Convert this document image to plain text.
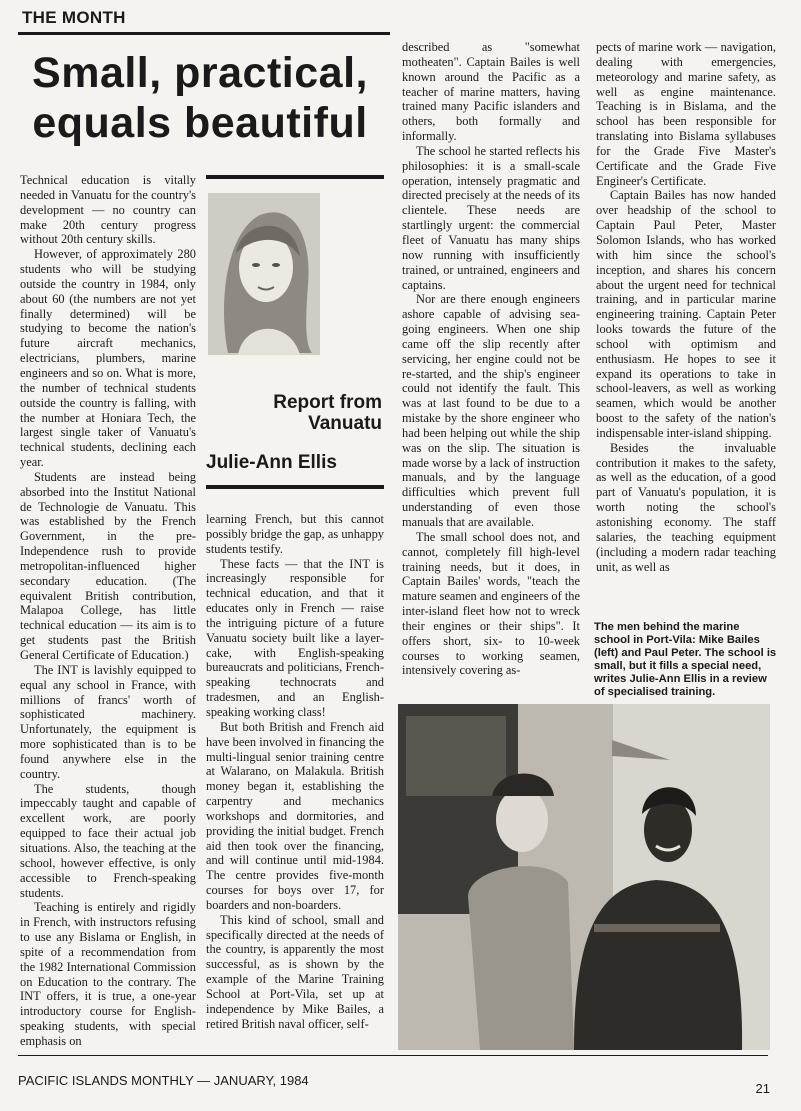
THE MONTH
Small, practical, equals beautiful

Technical education is vitally needed in Vanuatu for the country's development — no country can make 20th century progress without 20th century skills.

However, of approximately 280 students who will be studying outside the country in 1984, only about 60 (the numbers are not yet finally determined) will be studying to become the nation's future aircraft mechanics, electricians, plumbers, marine engineers and so on. What is more, the number of technical students outside the country is falling, with the number at Honiara Tech, the largest single taker of Vanuatu's technical students, declining each year.

Students are instead being absorbed into the Institut National de Technologie de Vanuatu. This was established by the French Government, in the pre-Independence rush to provide metropolitan-influenced higher secondary education. (The equivalent British contribution, Malapoa College, has little technical education — its aim is to get students past the British General Certificate of Education.)

The INT is lavishly equipped to equal any school in France, with millions of francs' worth of sophisticated machinery. Unfortunately, the equipment is more sophisticated than is to be found anywhere else in the country.

The students, though impeccably taught and capable of excellent work, are poorly equipped to face their actual job situations. Also, the teaching at the school, however effective, is only accessible to French-speaking students.

Teaching is entirely and rigidly in French, with instructors refusing to use any Bislama or English, in spite of a recommendation from the 1982 International Commission on Education to the contrary. The INT offers, it is true, a one-year introductory course for English-speaking students, with special emphasis on

Report from Vanuatu
Julie-Ann Ellis

learning French, but this cannot possibly bridge the gap, as unhappy students testify.

These facts — that the INT is increasingly responsible for technical education, and that it educates only in French — raise the intriguing picture of a future Vanuatu society built like a layer-cake, with English-speaking bureaucrats and politicians, French-speaking technocrats and tradesmen, and an English-speaking working class!

But both British and French aid have been involved in financing the multi-lingual senior training centre at Walarano, on Malakula. British money began it, establishing the carpentry and mechanics workshops and dormitories, and providing the initial budget. French aid then took over the financing, and will continue until mid-1984. The centre provides five-month courses for boys over 17, for boarders and non-boarders.

This kind of school, small and specifically directed at the needs of the country, is apparently the most successful, as is shown by the example of the Marine Training School at Port-Vila, set up at independence by Mike Bailes, a retired British naval officer, self-

described as "somewhat motheaten". Captain Bailes is well known around the Pacific as a teacher of marine matters, having trained many Pacific islanders and others, both formally and informally.

The school he started reflects his philosophies: it is a small-scale operation, intensely pragmatic and directed precisely at the needs of its clientele. These needs are startlingly urgent: the commercial fleet of Vanuatu has many ships now running with insufficiently trained, or untrained, engineers and captains.

Nor are there enough engineers ashore capable of advising sea-going engineers. When one ship came off the slip recently after servicing, her engine could not be re-started, and the ship's engineer could not identify the fault. This was at last found to be due to a mistake by the shore engineer who had been helping out while the ship was on the slip. The situation is made worse by a lack of instruction manuals, and by the language difficulties which prevent full understanding of even those manuals that are available.

The small school does not, and cannot, completely fill high-level training needs, but it does, in Captain Bailes' words, "teach the mature seamen and engineers of the inter-island fleet how not to wreck their engines or their ships". It offers short, six- to 10-week courses to working seamen, intensively covering as-

pects of marine work — navigation, dealing with emergencies, meteorology and marine safety, as well as engine maintenance. Teaching is in Bislama, and the school has been responsible for translating into Bislama syllabuses for the Grade Five Master's Certificate and the Grade Five Engineer's Certificate.

Captain Bailes has now handed over headship of the school to Captain Paul Peter, Master Solomon Islands, who has worked with him since the school's inception, and shares his concern about the urgent need for technical training, and in particular marine engineering training. Captain Peter looks towards the future of the school with optimism and enthusiasm. He hopes to see it expand its operations to take in school-leavers, as well as working seamen, which would be another boost to the safety of the nation's indispensable inter-island shipping.

Besides the invaluable contribution it makes to the safety, as well as the education, of a good part of Vanuatu's population, it is worth noting the school's astonishing economy. The staff salaries, the teaching equipment (including a modern radar teaching unit, as well as

The men behind the marine school in Port-Vila: Mike Bailes (left) and Paul Peter. The school is small, but it fills a special need, writes Julie-Ann Ellis in a review of specialised training.
PACIFIC ISLANDS MONTHLY — JANUARY, 1984
21
